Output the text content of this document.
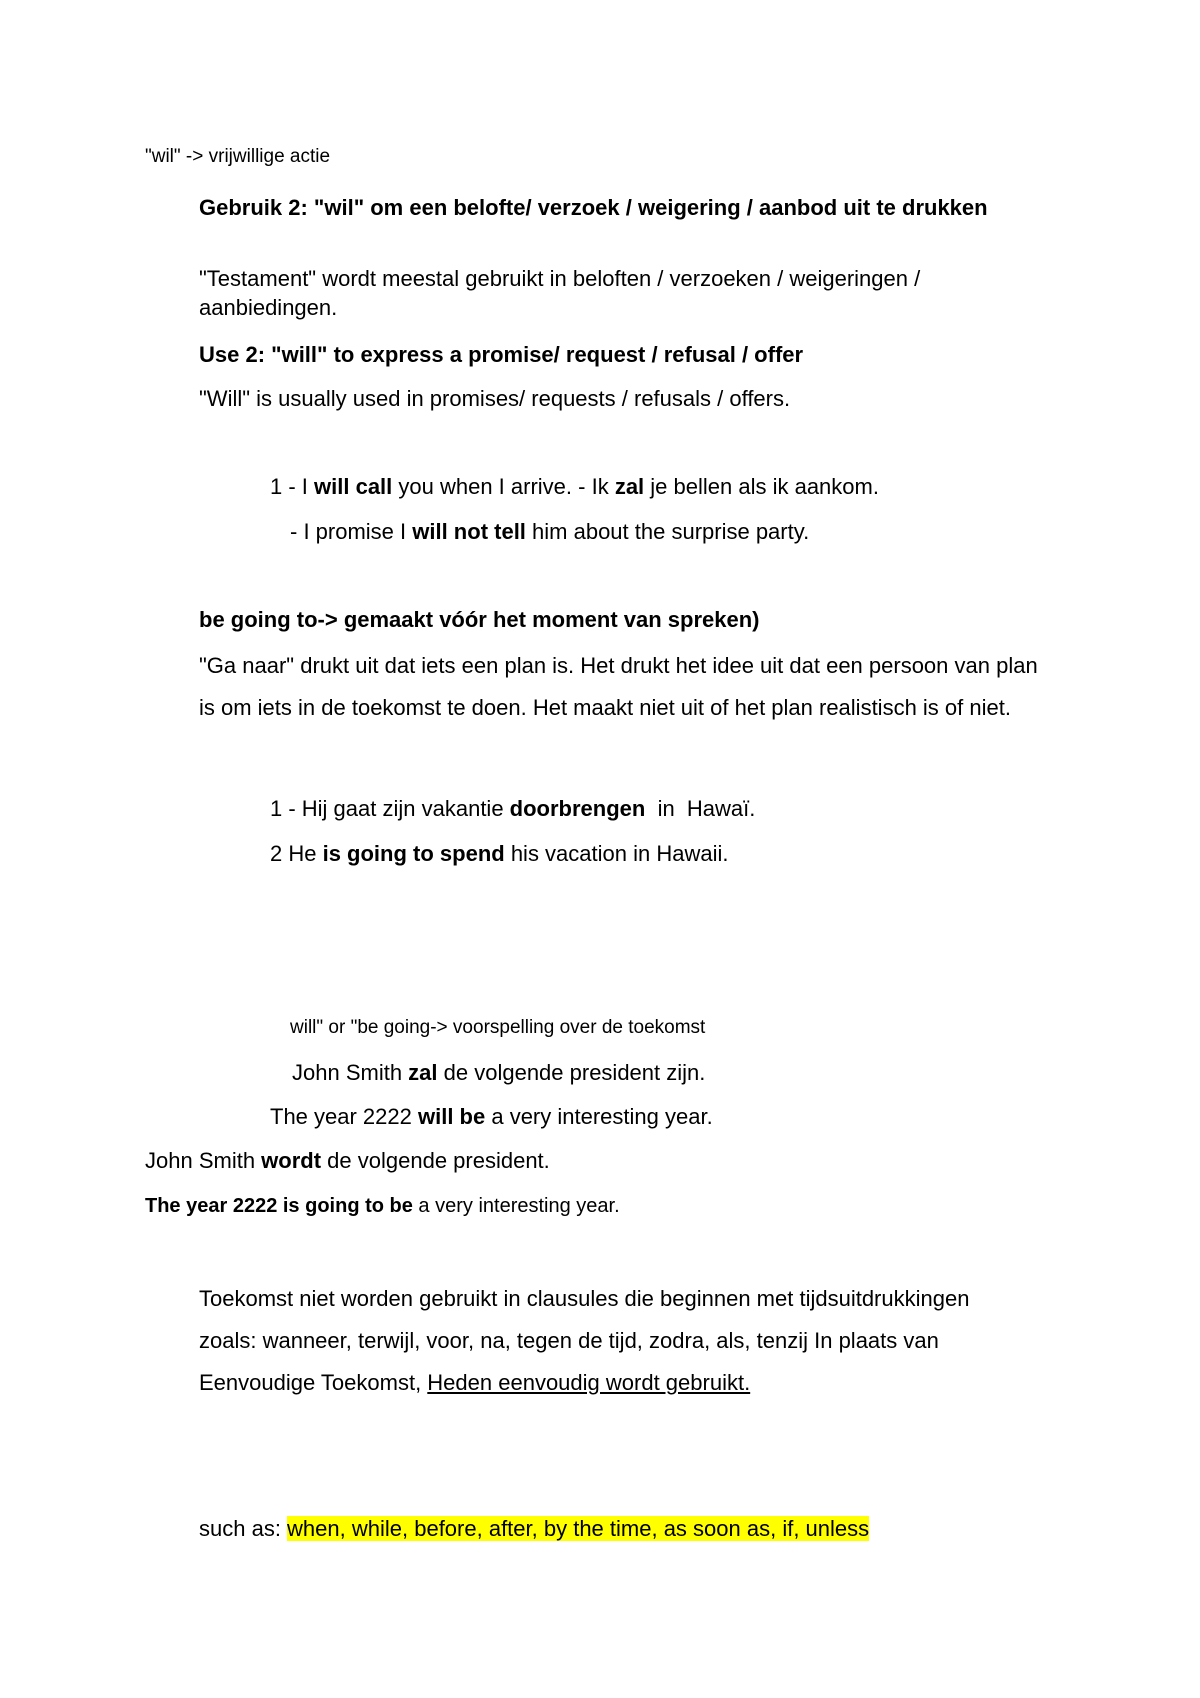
"wil" -> vrijwillige actie
Gebruik 2: "wil" om een belofte/ verzoek / weigering / aanbod uit te drukken
"Testament" wordt meestal gebruikt in beloften / verzoeken / weigeringen / aanbiedingen.
Use 2: "will" to express a promise/ request / refusal / offer
"Will" is usually used in promises/ requests / refusals / offers.
1 - I will call you when I arrive. - Ik zal je bellen als ik aankom.
- I promise I will not tell him about the surprise party.
be going to-> gemaakt vóór het moment van spreken)
"Ga naar" drukt uit dat iets een plan is. Het drukt het idee uit dat een persoon van plan is om iets in de toekomst te doen. Het maakt niet uit of het plan realistisch is of niet.
1 - Hij gaat zijn vakantie doorbrengen  in  Hawaï.
2 He is going to spend his vacation in Hawaii.
will" or "be going-> voorspelling over de toekomst
John Smith zal de volgende president zijn.
The year 2222 will be a very interesting year.
John Smith wordt de volgende president.
The year 2222 is going to be a very interesting year.
Toekomst niet worden gebruikt in clausules die beginnen met tijdsuitdrukkingen zoals: wanneer, terwijl, voor, na, tegen de tijd, zodra, als, tenzij In plaats van Eenvoudige Toekomst, Heden eenvoudig wordt gebruikt.
such as: when, while, before, after, by the time, as soon as, if, unless
